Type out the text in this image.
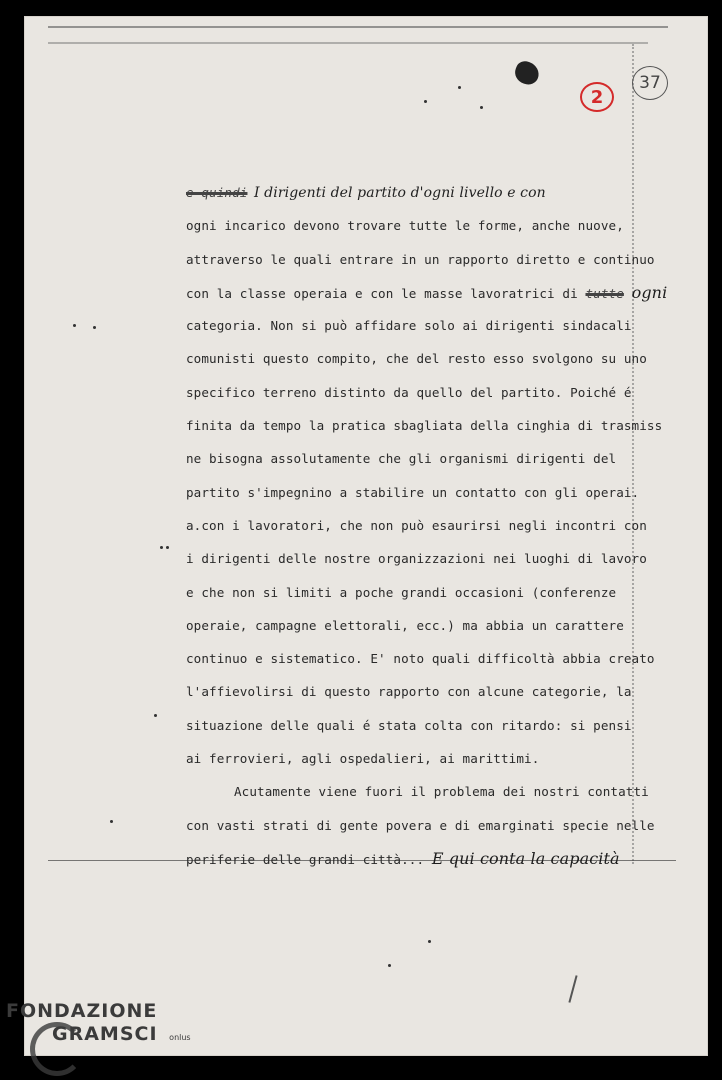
2
37
e quindi I dirigenti del partito d'ogni livello e con
ogni incarico devono trovare tutte le forme, anche nuove,
attraverso le quali entrare in un rapporto diretto e continuo
con la classe operaia e con le masse lavoratrici di tutte ogni
categoria. Non si può affidare solo ai dirigenti sindacali
comunisti questo compito, che del resto esso svolgono su uno
specifico terreno distinto da quello del partito. Poiché é
finita da tempo la pratica sbagliata della cinghia di trasmiss
ne bisogna assolutamente che gli organismi dirigenti del
partito s'impegnino a stabilire un contatto con gli operai.
a.con i lavoratori, che non può esaurirsi negli incontri con
i dirigenti delle nostre organizzazioni nei luoghi di lavoro
e che non si limiti a poche grandi occasioni (conferenze
operaie, campagne elettorali, ecc.) ma abbia un carattere
continuo e sistematico. E' noto quali difficoltà abbia creato
l'affievolirsi di questo rapporto con alcune categorie, la
situazione delle quali é stata colta con ritardo: si pensi
ai ferrovieri, agli ospedalieri, ai marittimi.
Acutamente viene fuori il problema dei nostri contatti
con vasti strati di gente povera e di emarginati specie nelle
periferie delle grandi città... E qui conta la capacità
FONDAZIONE
GRAMSCI onlus
